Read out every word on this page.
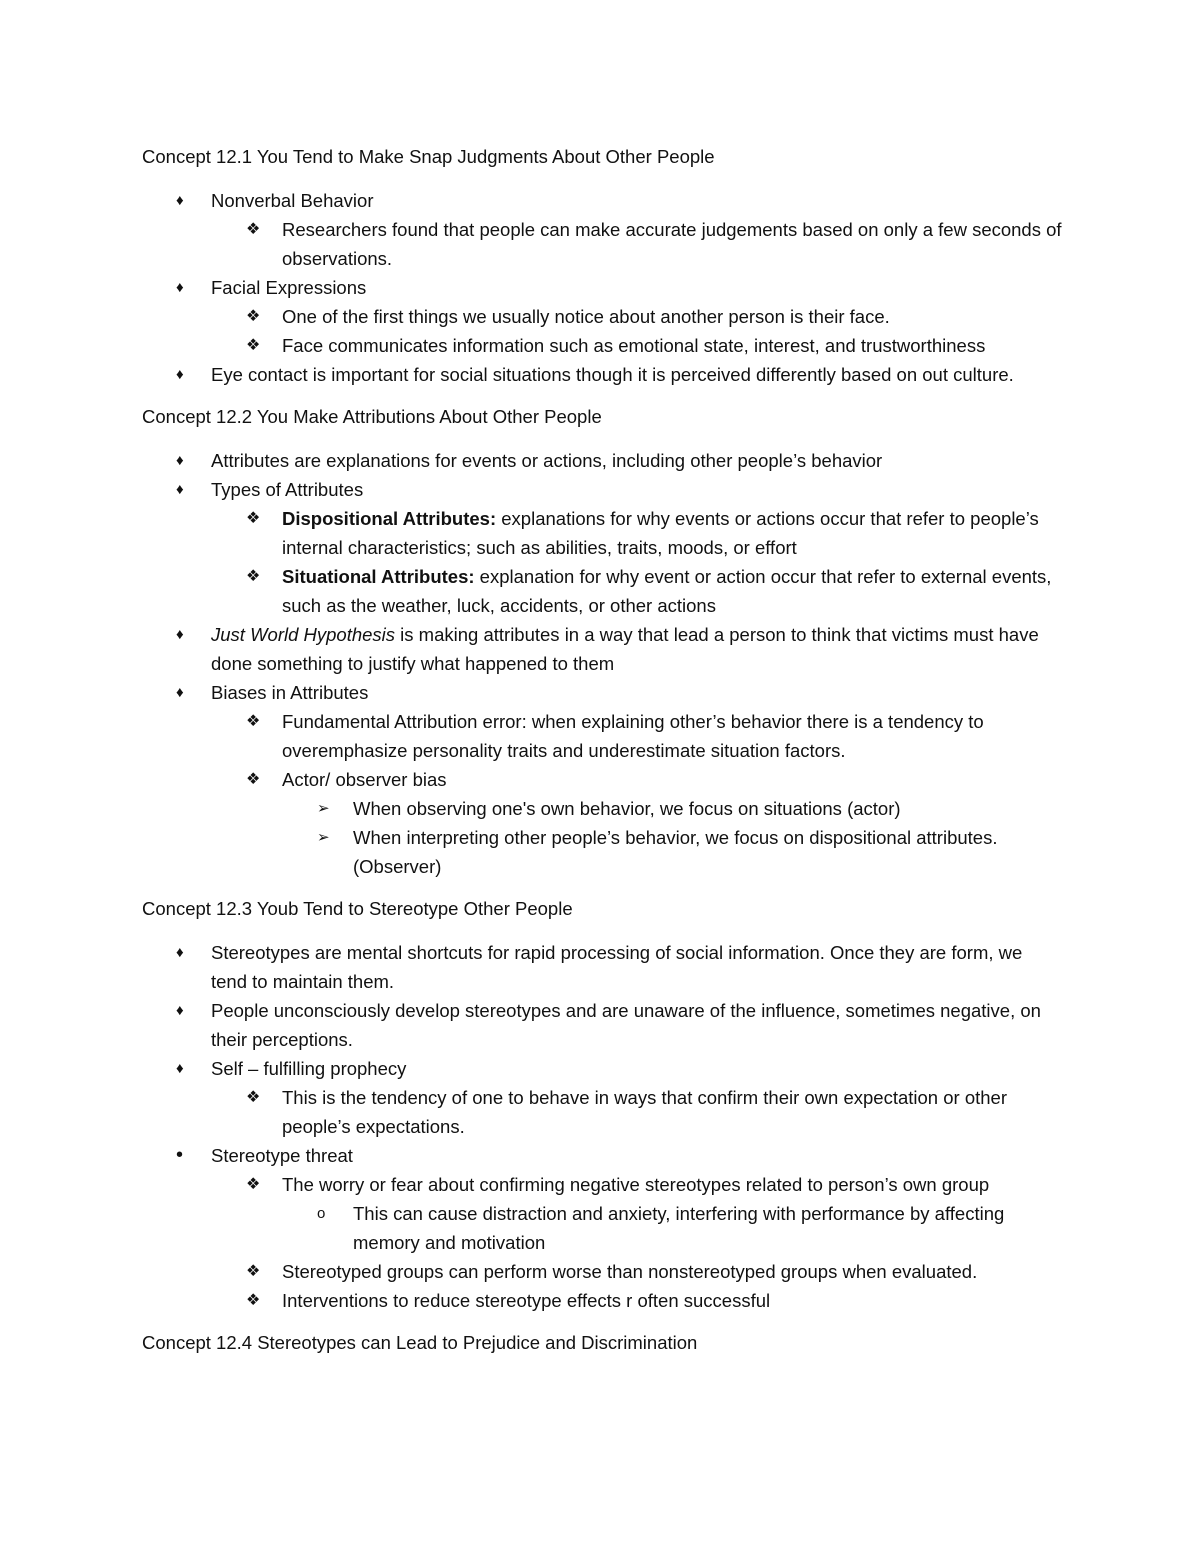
Concept 12.1 You Tend to Make Snap Judgments About Other People
♦	Nonverbal Behavior
❖	Researchers found that people can make accurate judgements based on only a few seconds of observations.
♦	Facial Expressions
❖	One of the first things we usually notice about another person is their face.
❖	Face communicates information such as emotional state, interest, and trustworthiness
♦	Eye contact is important for social situations though it is perceived differently based on out culture.
Concept 12.2 You Make Attributions About Other People
♦	Attributes are explanations for events or actions, including other people’s behavior
♦	Types of Attributes
❖	Dispositional Attributes: explanations for why events or actions occur that refer to people’s internal characteristics; such as abilities, traits, moods, or effort
❖	Situational Attributes: explanation for why event or action occur that refer to external events, such as the weather, luck, accidents, or other actions
♦	Just World Hypothesis is making attributes in a way that lead a person to think that victims must have done something to justify what happened to them
♦	Biases in Attributes
❖	Fundamental Attribution error: when explaining other’s behavior there is a tendency to overemphasize personality traits and underestimate situation factors.
❖	Actor/ observer bias
➢	When observing one's own behavior, we focus on situations (actor)
➢	When interpreting other people’s behavior, we focus on dispositional attributes. (Observer)
Concept 12.3 Youb Tend to Stereotype Other People
♦	Stereotypes are mental shortcuts for rapid processing of social information. Once they are form, we tend to maintain them.
♦	People unconsciously develop stereotypes and are unaware of the influence, sometimes negative, on their perceptions.
♦	Self – fulfilling prophecy
❖	This is the tendency of one to behave in ways that confirm their own expectation or other people’s expectations.
•	Stereotype threat
❖	The worry or fear about confirming negative stereotypes related to person’s own group
o	This can cause distraction and anxiety, interfering with performance by affecting memory and motivation
❖	Stereotyped groups can perform worse than nonstereotyped groups when evaluated.
❖	Interventions to reduce stereotype effects r often successful
Concept 12.4 Stereotypes can Lead to Prejudice and Discrimination
